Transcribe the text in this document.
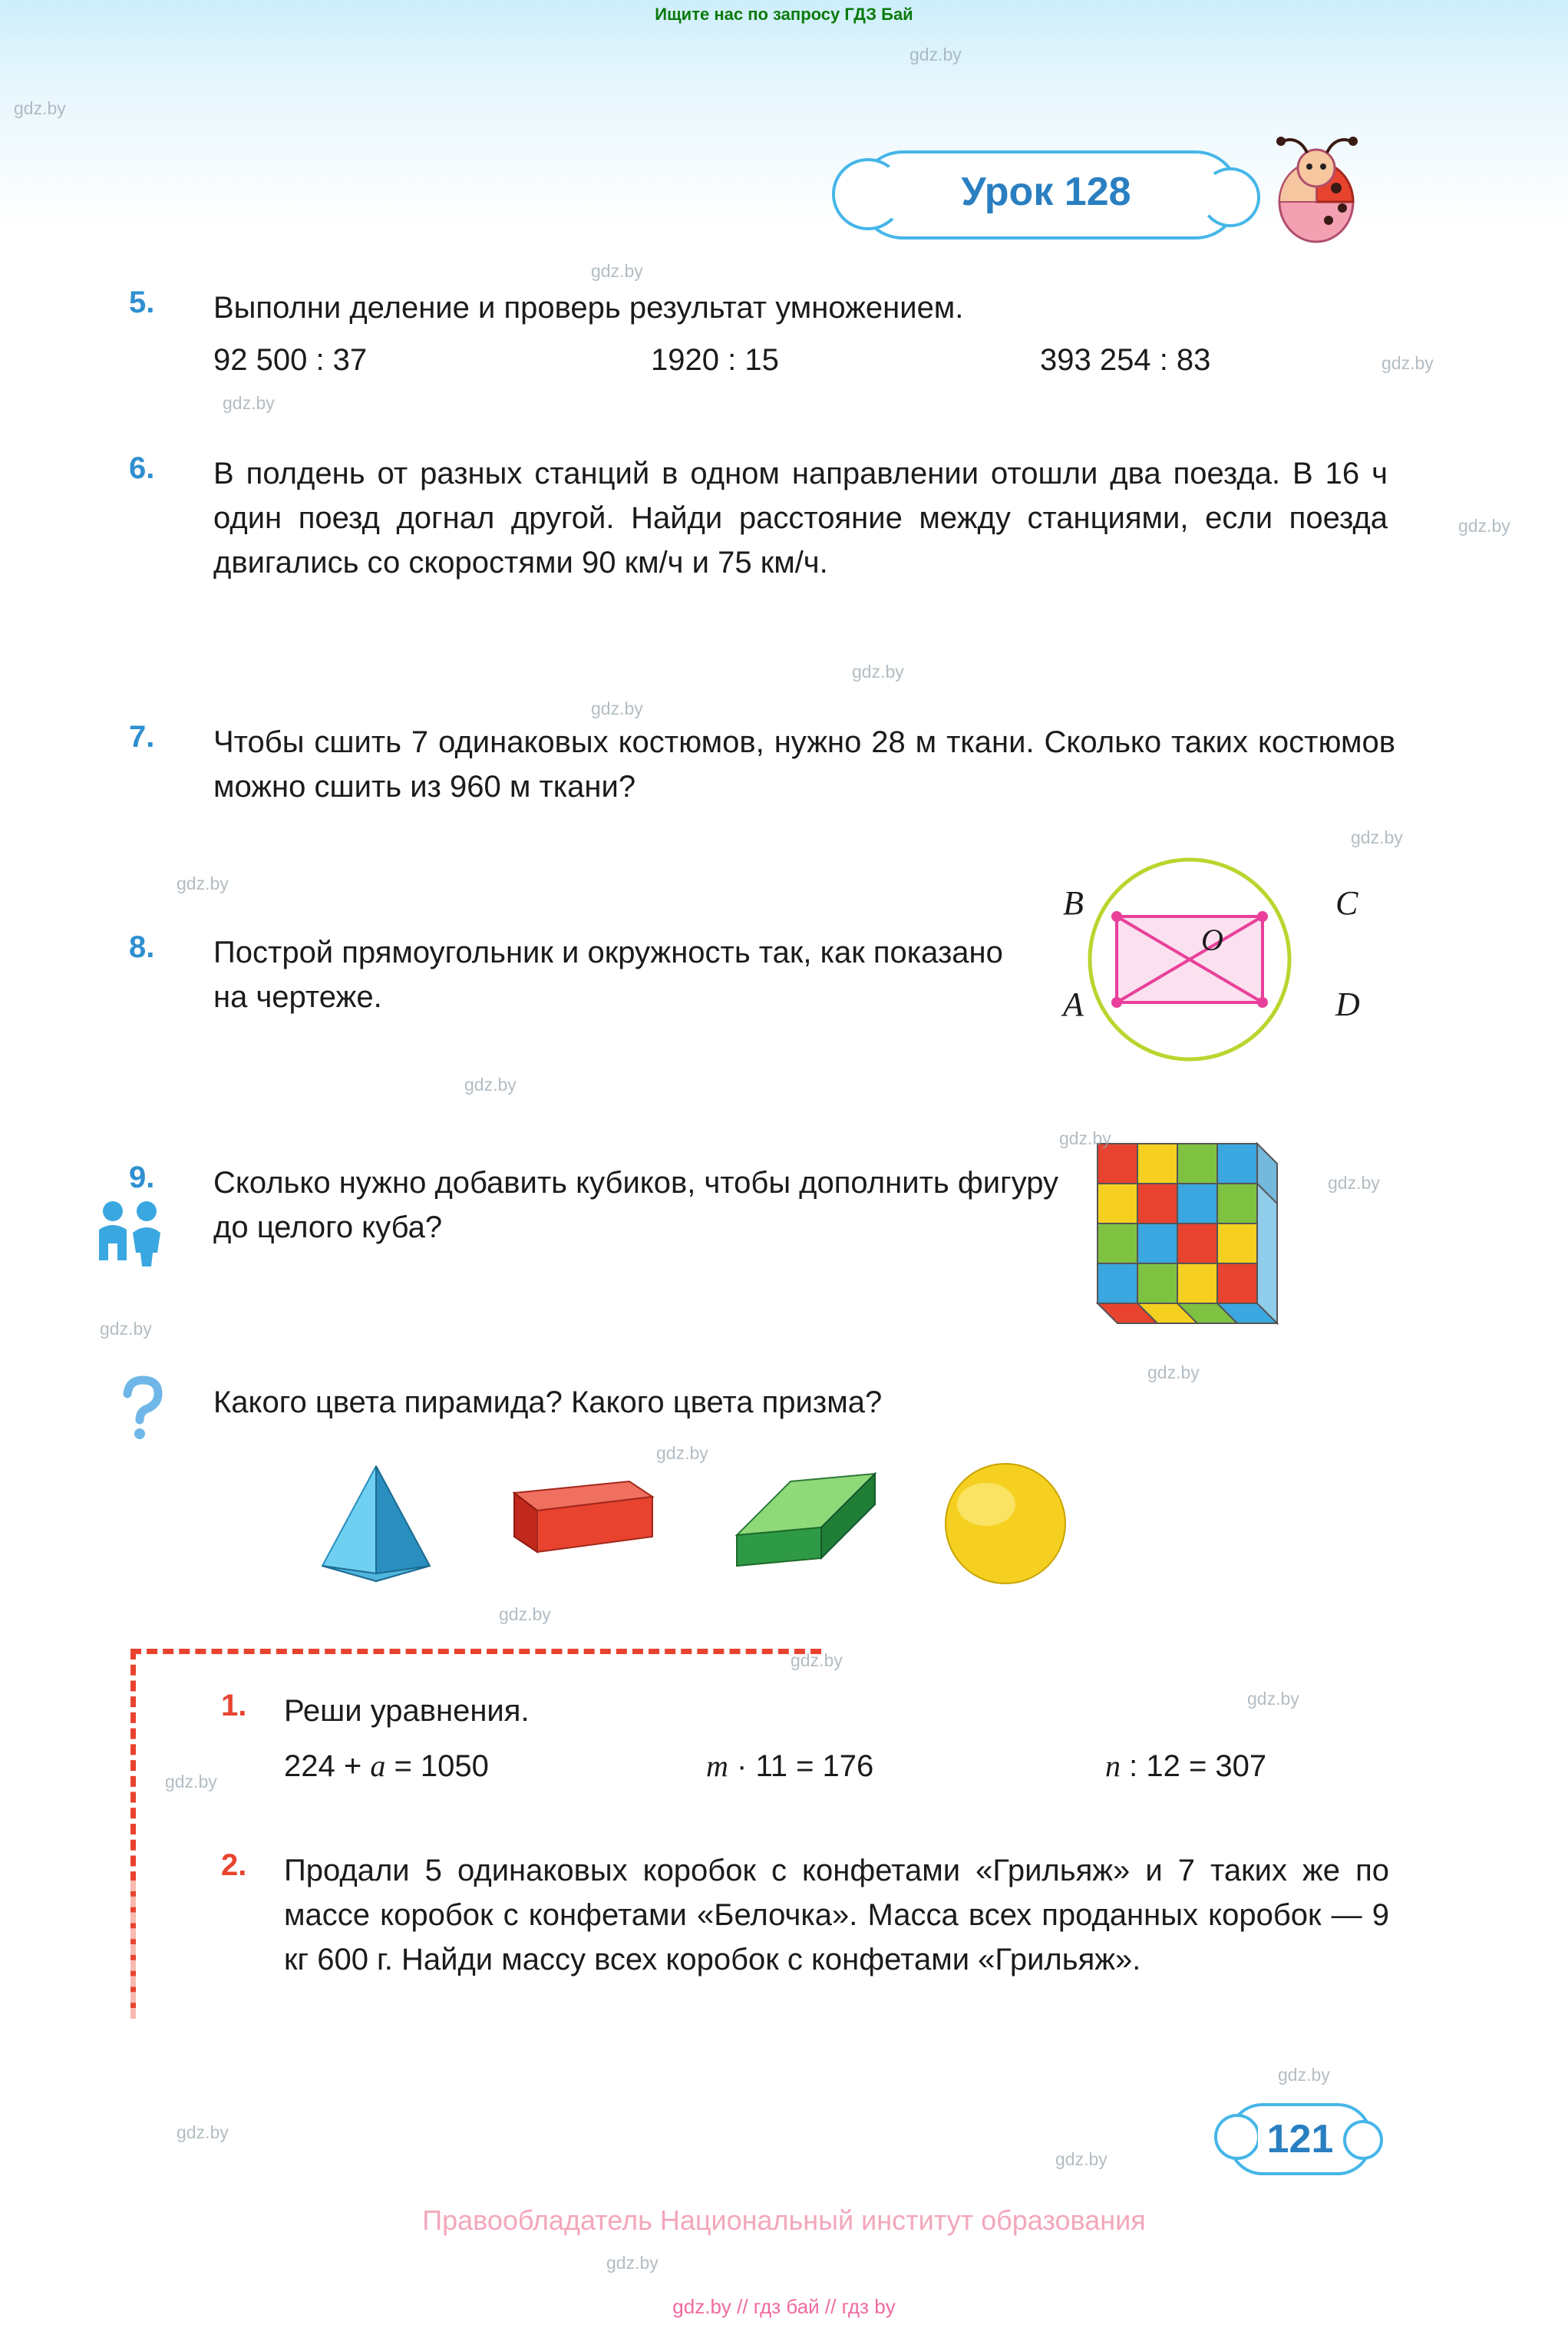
Ищите нас по запросу ГДЗ Бай
Урок 128
5. Выполни деление и проверь результат умножением.
92 500 : 37	1920 : 15	393 254 : 83
6. В полдень от разных станций в одном направлении отошли два поезда. В 16 ч один поезд догнал другой. Найди расстояние между станциями, если поезда двигались со скоростями 90 км/ч и 75 км/ч.
7. Чтобы сшить 7 одинаковых костюмов, нужно 28 м ткани. Сколько таких костюмов можно сшить из 960 м ткани?
8. Построй прямоугольник и окружность так, как показано на чертеже.
B	C
O
A	D
9. Сколько нужно добавить кубиков, чтобы дополнить фигуру до целого куба?
Какого цвета пирамида? Какого цвета призма?
1. Реши уравнения.
224 + a = 1050	m · 11 = 176	n : 12 = 307
2. Продали 5 одинаковых коробок с конфетами «Грильяж» и 7 таких же по массе коробок с конфетами «Белочка». Масса всех проданных коробок — 9 кг 600 г. Найди массу всех коробок с конфетами «Грильяж».
121
Правообладатель Национальный институт образования
gdz.by // гдз бай // гдз by
gdz.by
gdz.by
gdz.by
gdz.by
gdz.by
gdz.by
gdz.by
gdz.by
gdz.by
gdz.by
gdz.by
gdz.by
gdz.by
gdz.by
gdz.by
gdz.by
gdz.by
gdz.by
gdz.by
gdz.by
gdz.by
gdz.by
gdz.by
gdz.by
